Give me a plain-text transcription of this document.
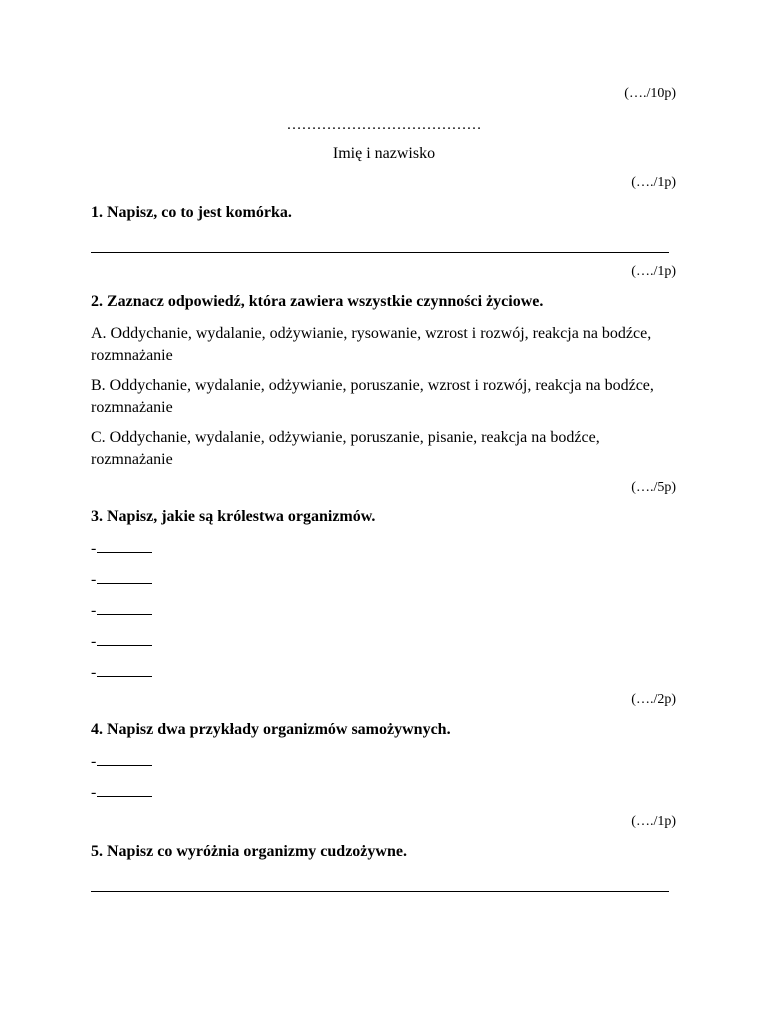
(…./10p)
…………………………………
Imię i nazwisko
(…./1p)
1. Napisz, co to jest komórka.
(…./1p)
2. Zaznacz odpowiedź, która zawiera wszystkie czynności życiowe.
A. Oddychanie, wydalanie, odżywianie, rysowanie, wzrost i rozwój, reakcja na bodźce, rozmnażanie
B. Oddychanie, wydalanie, odżywianie, poruszanie, wzrost i rozwój, reakcja na bodźce, rozmnażanie
C. Oddychanie, wydalanie, odżywianie, poruszanie, pisanie, reakcja na bodźce, rozmnażanie
(…./5p)
3. Napisz, jakie są królestwa organizmów.
-
-
-
-
-
(…./2p)
4. Napisz dwa przykłady organizmów samożywnych.
-
-
(…./1p)
5. Napisz co wyróżnia organizmy cudzożywne.
